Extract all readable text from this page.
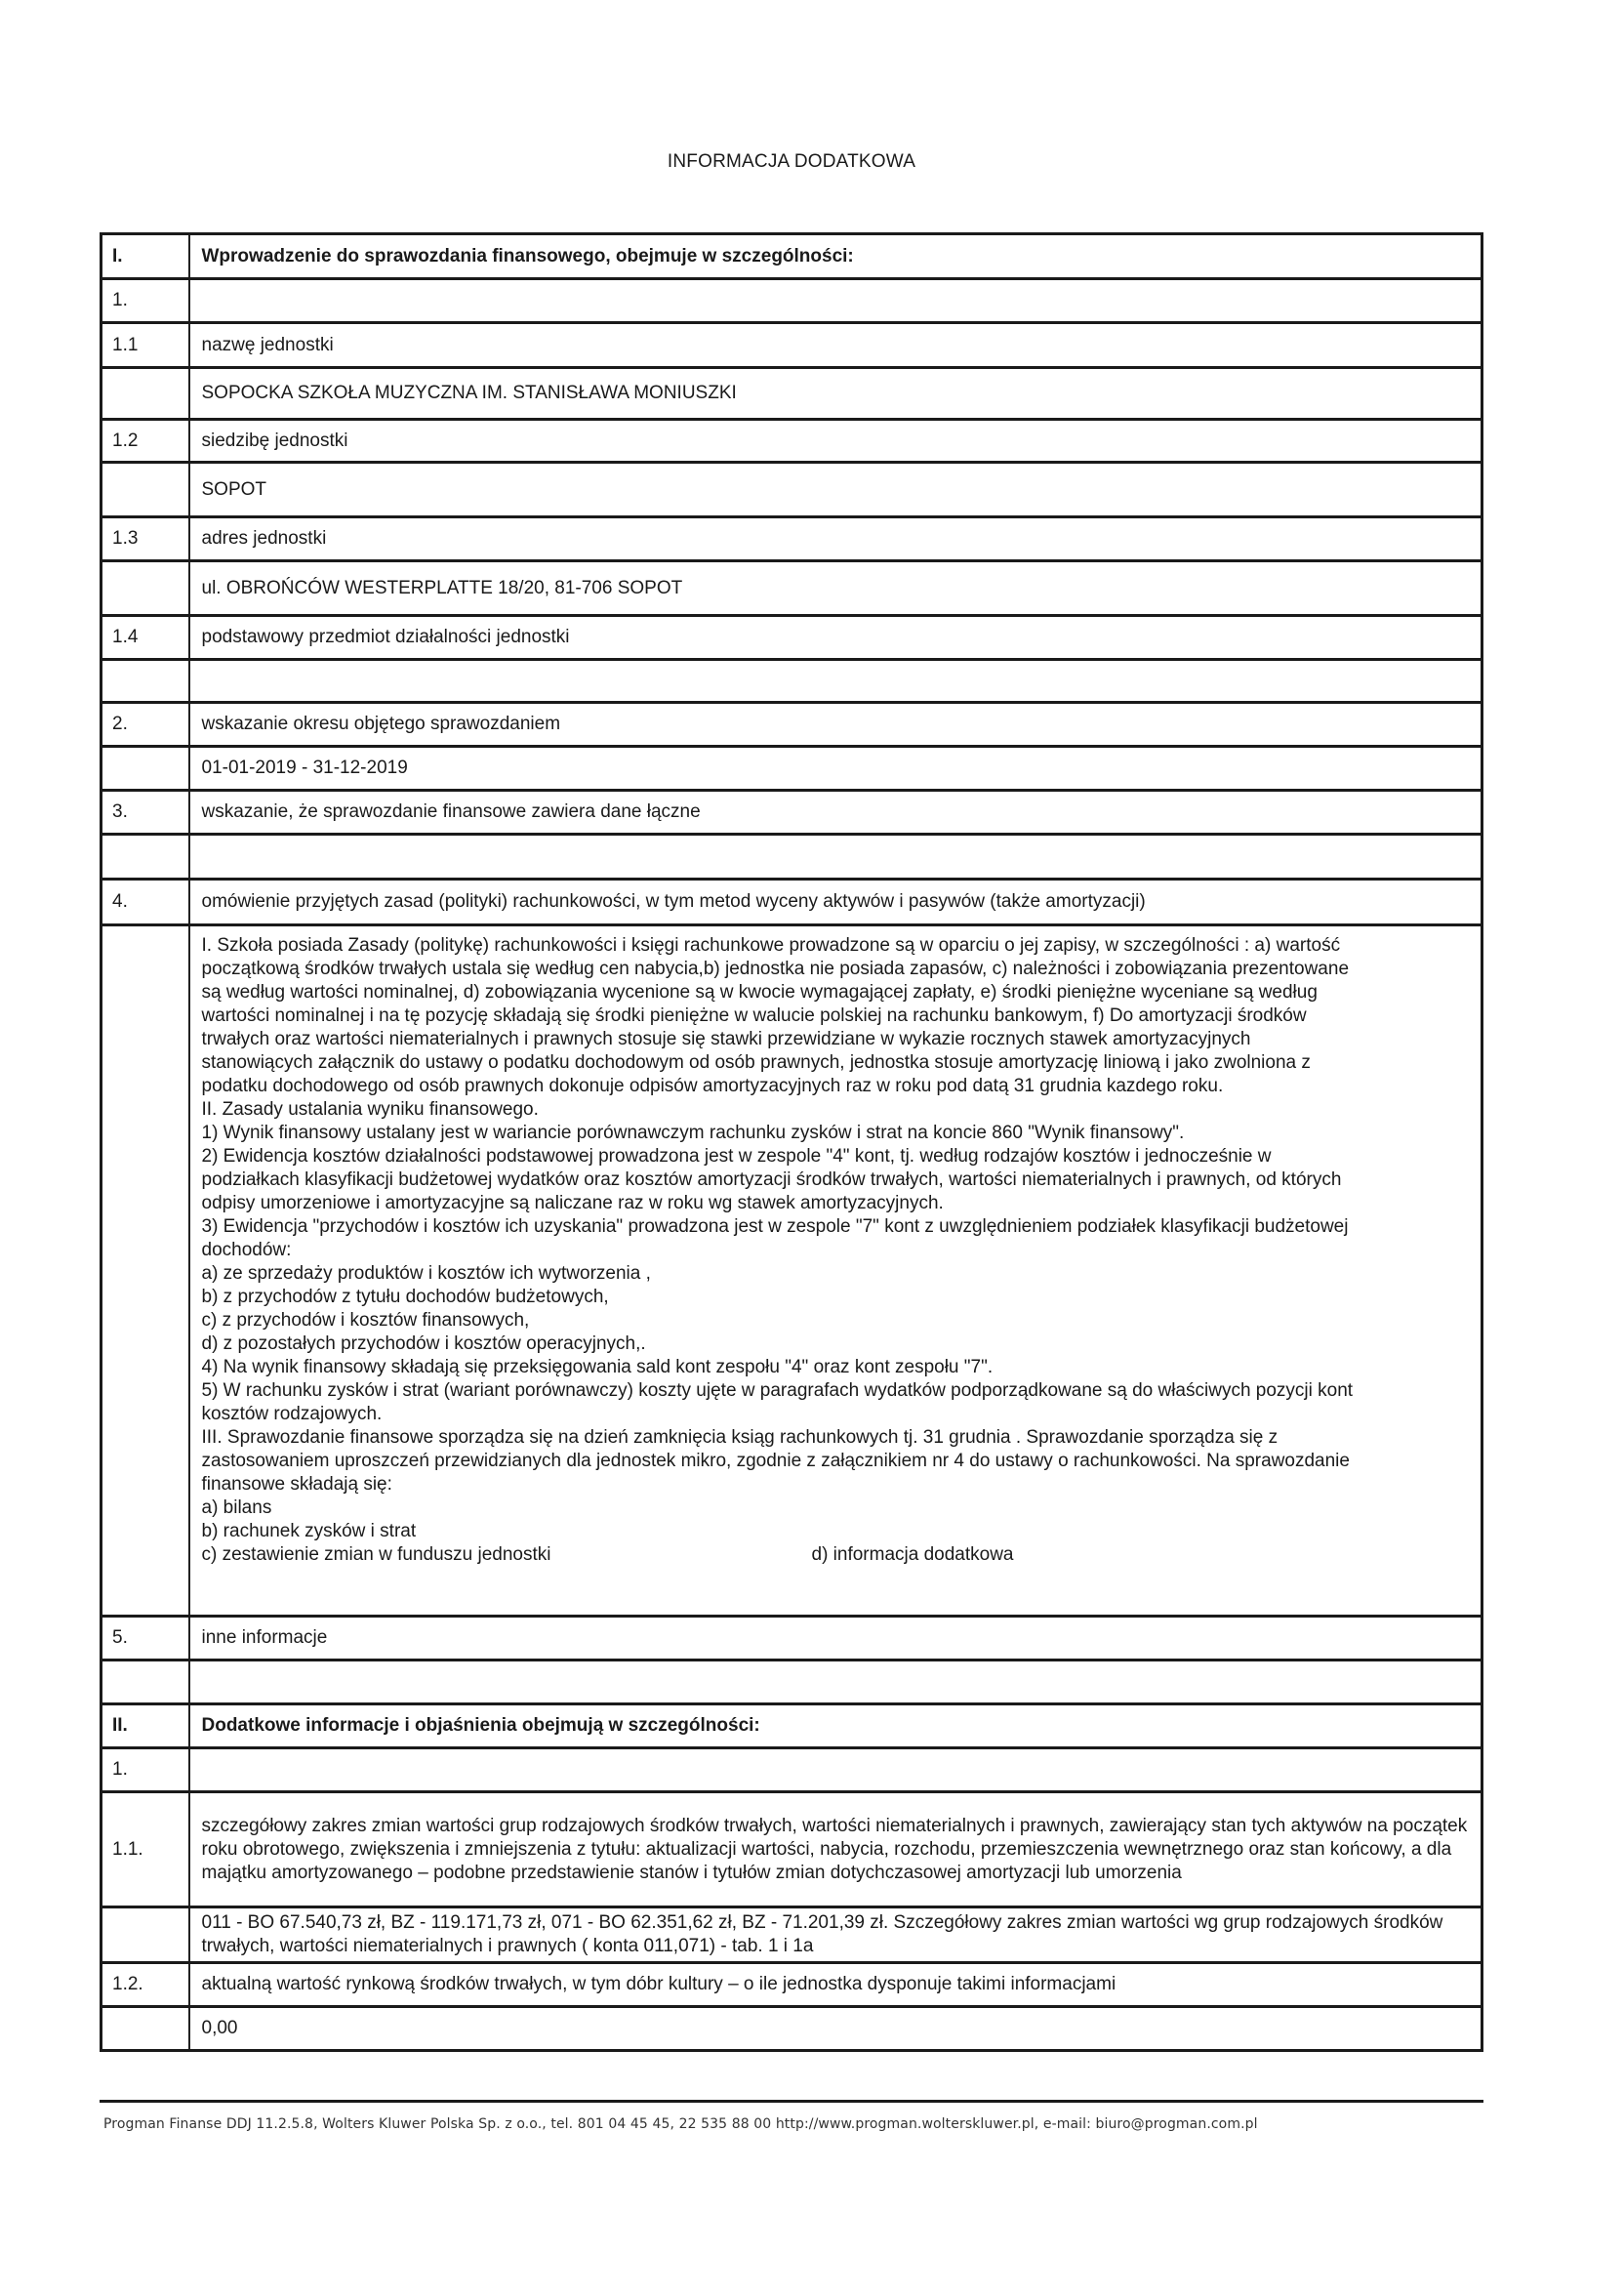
INFORMACJA DODATKOWA
I.	Wprowadzenie do sprawozdania finansowego, obejmuje w szczególności:
1.	
1.1	nazwę jednostki
	SOPOCKA SZKOŁA MUZYCZNA IM. STANISŁAWA MONIUSZKI
1.2	siedzibę jednostki
	SOPOT
1.3	adres jednostki
	ul. OBROŃCÓW WESTERPLATTE 18/20, 81-706 SOPOT
1.4	podstawowy przedmiot działalności jednostki

2.	wskazanie okresu objętego sprawozdaniem
	01-01-2019 - 31-12-2019
3.	wskazanie, że sprawozdanie finansowe zawiera dane łączne

4.	omówienie przyjętych zasad (polityki) rachunkowości, w tym metod wyceny aktywów i pasywów (także amortyzacji)

I. Szkoła posiada Zasady (politykę) rachunkowości i księgi rachunkowe prowadzone są w oparciu o jej zapisy, w szczególności : a) wartość
początkową środków trwałych ustala się według cen nabycia,b) jednostka nie posiada zapasów, c) należności i zobowiązania prezentowane
są według wartości nominalnej, d) zobowiązania wycenione są w kwocie wymagającej zapłaty, e) środki pieniężne wyceniane są według
wartości nominalnej i na tę pozycję składają się środki pieniężne w walucie polskiej na rachunku bankowym, f) Do amortyzacji środków
trwałych oraz wartości niematerialnych i prawnych stosuje się stawki przewidziane w wykazie rocznych stawek amortyzacyjnych
stanowiących załącznik do ustawy o podatku dochodowym od osób prawnych, jednostka stosuje amortyzację liniową i jako zwolniona z
podatku dochodowego od osób prawnych dokonuje odpisów amortyzacyjnych raz w roku pod datą 31 grudnia kazdego roku.
II. Zasady ustalania wyniku finansowego.
1) Wynik finansowy ustalany jest w wariancie porównawczym rachunku zysków i strat na koncie 860 "Wynik finansowy".
2) Ewidencja kosztów działalności podstawowej prowadzona jest w zespole "4" kont, tj. według rodzajów kosztów i jednocześnie w
podziałkach klasyfikacji budżetowej wydatków oraz kosztów amortyzacji środków trwałych, wartości niematerialnych i prawnych, od których
odpisy umorzeniowe i amortyzacyjne są naliczane raz w roku wg stawek amortyzacyjnych.
3) Ewidencja "przychodów i kosztów ich uzyskania" prowadzona jest w zespole "7" kont z uwzględnieniem podziałek klasyfikacji budżetowej
dochodów:
a) ze sprzedaży produktów i kosztów ich wytworzenia ,
b) z przychodów z tytułu dochodów budżetowych,
c) z przychodów i kosztów finansowych,
d) z pozostałych przychodów i kosztów operacyjnych,.
4) Na wynik finansowy składają się przeksięgowania sald kont zespołu "4" oraz kont zespołu "7".
5) W rachunku zysków i strat (wariant porównawczy) koszty ujęte w paragrafach wydatków podporządkowane są do właściwych pozycji kont
kosztów rodzajowych.
III. Sprawozdanie finansowe sporządza się na dzień zamknięcia ksiąg rachunkowych tj. 31 grudnia . Sprawozdanie sporządza się z
zastosowaniem uproszczeń przewidzianych dla jednostek mikro, zgodnie z załącznikiem nr 4 do ustawy o rachunkowości. Na sprawozdanie
finansowe składają się:
a) bilans
b) rachunek zysków i strat
c) zestawienie zmian w funduszu jednostki	d) informacja dodatkowa

5.	inne informacje

II.	Dodatkowe informacje i objaśnienia obejmują w szczególności:
1.	
1.1.	szczegółowy zakres zmian wartości grup rodzajowych środków trwałych, wartości niematerialnych i prawnych, zawierający stan tych aktywów na początek roku obrotowego, zwiększenia i zmniejszenia z tytułu: aktualizacji wartości, nabycia, rozchodu, przemieszczenia wewnętrznego oraz stan końcowy, a dla majątku amortyzowanego – podobne przedstawienie stanów i tytułów zmian dotychczasowej amortyzacji lub umorzenia
	011 - BO 67.540,73 zł, BZ - 119.171,73 zł, 071 - BO 62.351,62 zł, BZ - 71.201,39 zł. Szczegółowy zakres zmian wartości wg grup rodzajowych środków trwałych, wartości niematerialnych i prawnych ( konta 011,071) - tab. 1 i 1a
1.2.	aktualną wartość rynkową środków trwałych, w tym dóbr kultury – o ile jednostka dysponuje takimi informacjami
	0,00
Progman Finanse DDJ 11.2.5.8, Wolters Kluwer Polska Sp. z o.o., tel. 801 04 45 45, 22 535 88 00 http://www.progman.wolterskluwer.pl, e-mail: biuro@progman.com.pl
